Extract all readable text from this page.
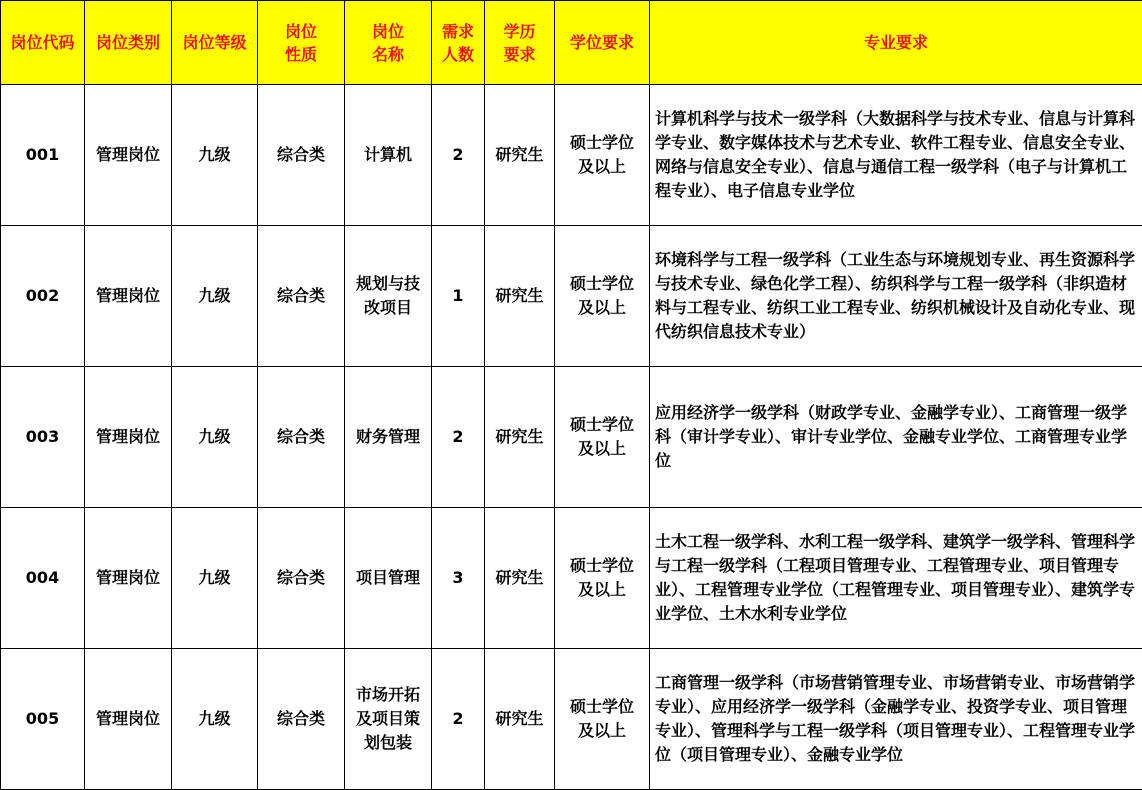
岗位代码	岗位类别	岗位等级	岗位性质	岗位名称	需求人数	学历要求	学位要求	专业要求
001	管理岗位	九级	综合类	计算机	2	研究生	硕士学位及以上	计算机科学与技术一级学科（大数据科学与技术专业、信息与计算科学专业、数字媒体技术与艺术专业、软件工程专业、信息安全专业、网络与信息安全专业）、信息与通信工程一级学科（电子与计算机工程专业）、电子信息专业学位
002	管理岗位	九级	综合类	规划与技改项目	1	研究生	硕士学位及以上	环境科学与工程一级学科（工业生态与环境规划专业、再生资源科学与技术专业、绿色化学工程）、纺织科学与工程一级学科（非织造材料与工程专业、纺织工业工程专业、纺织机械设计及自动化专业、现代纺织信息技术专业）
003	管理岗位	九级	综合类	财务管理	2	研究生	硕士学位及以上	应用经济学一级学科（财政学专业、金融学专业）、工商管理一级学科（审计学专业）、审计专业学位、金融专业学位、工商管理专业学位
004	管理岗位	九级	综合类	项目管理	3	研究生	硕士学位及以上	土木工程一级学科、水利工程一级学科、建筑学一级学科、管理科学与工程一级学科（工程项目管理专业、工程管理专业、项目管理专业）、工程管理专业学位（工程管理专业、项目管理专业）、建筑学专业学位、土木水利专业学位
005	管理岗位	九级	综合类	市场开拓及项目策划包装	2	研究生	硕士学位及以上	工商管理一级学科（市场营销管理专业、市场营销专业、市场营销学专业）、应用经济学一级学科（金融学专业、投资学专业、项目管理专业）、管理科学与工程一级学科（项目管理专业）、工程管理专业学位（项目管理专业）、金融专业学位
